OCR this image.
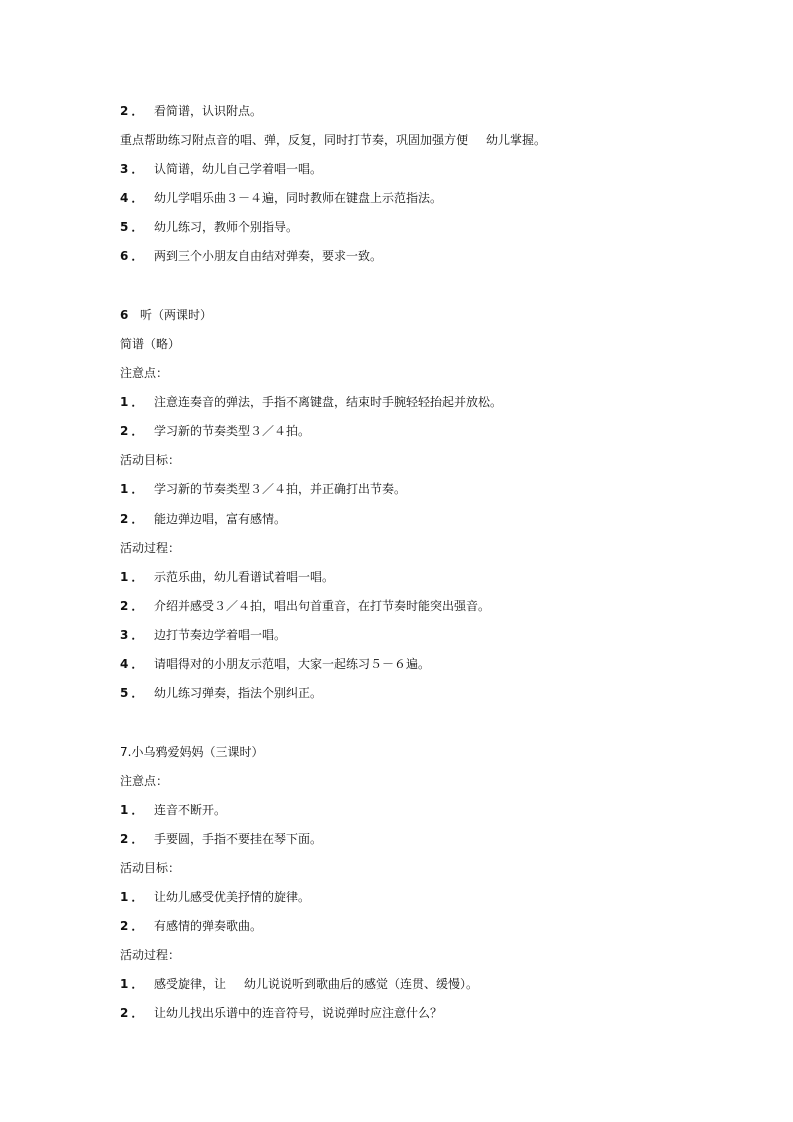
2． 看简谱，认识附点。
重点帮助练习附点音的唱、弹，反复，同时打节奏，巩固加强方便 幼儿掌握。
3． 认简谱，幼儿自己学着唱一唱。
4． 幼儿学唱乐曲３－４遍，同时教师在键盘上示范指法。
5． 幼儿练习，教师个别指导。
6． 两到三个小朋友自由结对弹奏，要求一致。
6 听（两课时）
简谱（略）
注意点：
1． 注意连奏音的弹法，手指不离键盘，结束时手腕轻轻抬起并放松。
2． 学习新的节奏类型３／４拍。
活动目标：
1． 学习新的节奏类型３／４拍，并正确打出节奏。
2． 能边弹边唱，富有感情。
活动过程：
1． 示范乐曲，幼儿看谱试着唱一唱。
2． 介绍并感受３／４拍，唱出句首重音，在打节奏时能突出强音。
3． 边打节奏边学着唱一唱。
4． 请唱得对的小朋友示范唱，大家一起练习５－６遍。
5． 幼儿练习弹奏，指法个别纠正。
7.小乌鸦爱妈妈（三课时）
注意点：
1． 连音不断开。
2． 手要圆，手指不要挂在琴下面。
活动目标：
1． 让幼儿感受优美抒情的旋律。
2． 有感情的弹奏歌曲。
活动过程：
1． 感受旋律，让 幼儿说说听到歌曲后的感觉（连贯、缓慢）。
2． 让幼儿找出乐谱中的连音符号，说说弹时应注意什么？
